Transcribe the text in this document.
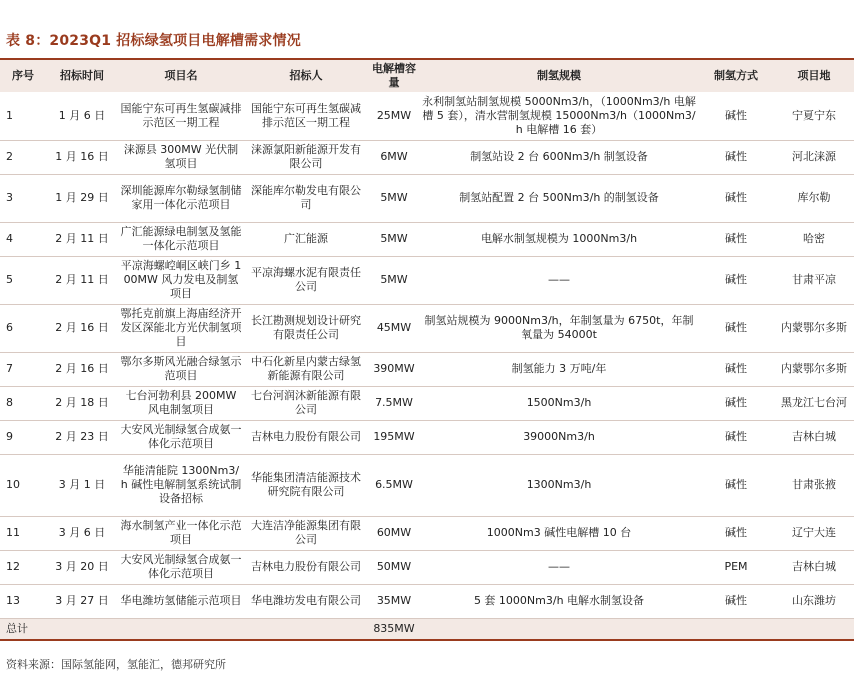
表 8：2023Q1 招标绿氢项目电解槽需求情况
序号	招标时间	项目名	招标人	电解槽容量	制氢规模	制氢方式	项目地
1	1 月 6 日	国能宁东可再生氢碳减排示范区一期工程	国能宁东可再生氢碳减排示范区一期工程	25MW	永利制氢站制氢规模 5000Nm3/h，（1000Nm3/h 电解槽 5 套），清水营制氢规模 15000Nm3/h（1000Nm3/h 电解槽 16 套）	碱性	宁夏宁东
2	1 月 16 日	涞源县 300MW 光伏制氢项目	涞源氯阳新能源开发有限公司	6MW	制氢站设 2 台 600Nm3/h 制氢设备	碱性	河北涞源
3	1 月 29 日	深圳能源库尔勒绿氢制储家用一体化示范项目	深能库尔勒发电有限公司	5MW	制氢站配置 2 台 500Nm3/h 的制氢设备	碱性	库尔勒
4	2 月 11 日	广汇能源绿电制氢及氢能一体化示范项目	广汇能源	5MW	电解水制氢规模为 1000Nm3/h	碱性	哈密
5	2 月 11 日	平凉海螺崆峒区峡门乡 100MW 风力发电及制氢项目	平凉海螺水泥有限责任公司	5MW	——	碱性	甘肃平凉
6	2 月 16 日	鄂托克前旗上海庙经济开发区深能北方光伏制氢项目	长江勘测规划设计研究有限责任公司	45MW	制氢站规模为 9000Nm3/h，年制氢量为 6750t，年制氧量为 54000t	碱性	内蒙鄂尔多斯
7	2 月 16 日	鄂尔多斯风光融合绿氢示范项目	中石化新星内蒙古绿氢新能源有限公司	390MW	制氢能力 3 万吨/年	碱性	内蒙鄂尔多斯
8	2 月 18 日	七台河勃利县 200MW 风电制氢项目	七台河润沐新能源有限公司	7.5MW	1500Nm3/h	碱性	黑龙江七台河
9	2 月 23 日	大安风光制绿氢合成氨一体化示范项目	吉林电力股份有限公司	195MW	39000Nm3/h	碱性	吉林白城
10	3 月 1 日	华能清能院 1300Nm3/h 碱性电解制氢系统试制设备招标	华能集团清洁能源技术研究院有限公司	6.5MW	1300Nm3/h	碱性	甘肃张掖
11	3 月 6 日	海水制氢产业一体化示范项目	大连洁净能源集团有限公司	60MW	1000Nm3 碱性电解槽 10 台	碱性	辽宁大连
12	3 月 20 日	大安风光制绿氢合成氨一体化示范项目	吉林电力股份有限公司	50MW	——	PEM	吉林白城
13	3 月 27 日	华电潍坊氢储能示范项目	华电潍坊发电有限公司	35MW	5 套 1000Nm3/h 电解水制氢设备	碱性	山东潍坊
总计				835MW			
资料来源：国际氢能网，氢能汇，德邦研究所
